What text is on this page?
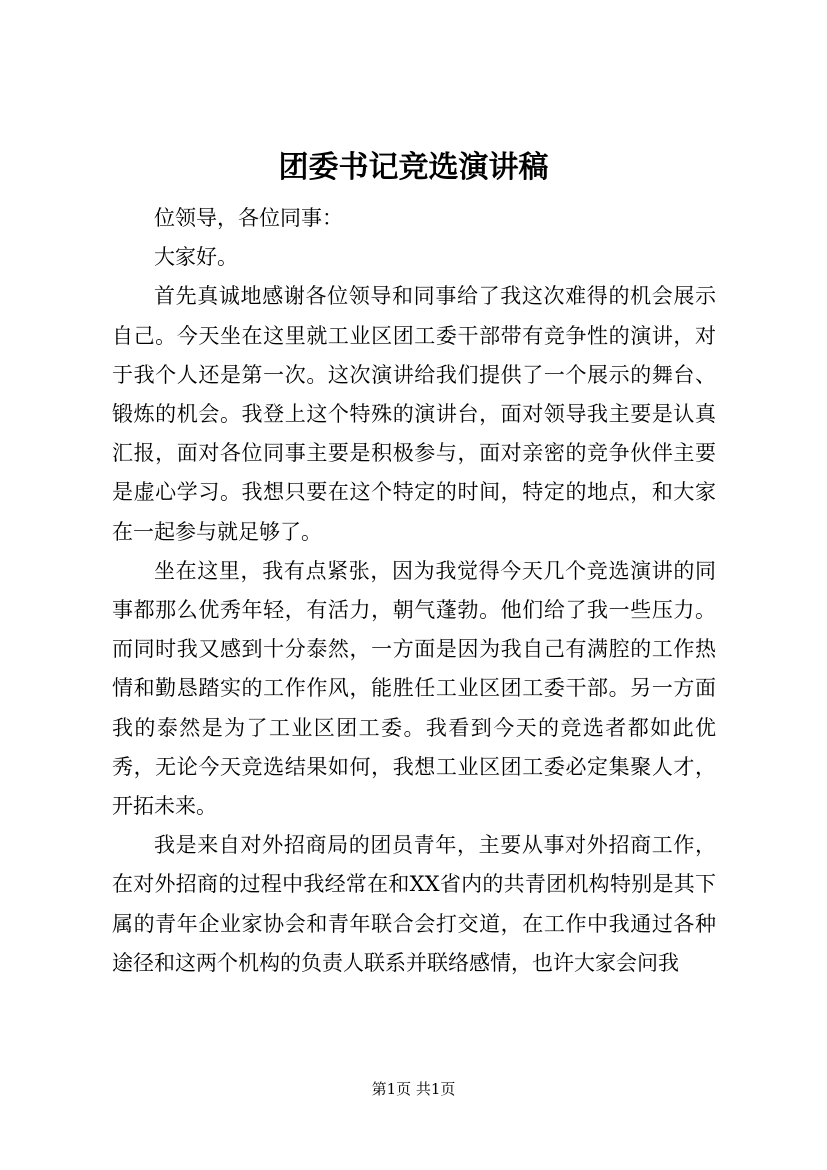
团委书记竞选演讲稿

位领导，各位同事：

大家好。

首先真诚地感谢各位领导和同事给了我这次难得的机会展示自己。今天坐在这里就工业区团工委干部带有竞争性的演讲，对于我个人还是第一次。这次演讲给我们提供了一个展示的舞台、锻炼的机会。我登上这个特殊的演讲台，面对领导我主要是认真汇报，面对各位同事主要是积极参与，面对亲密的竞争伙伴主要是虚心学习。我想只要在这个特定的时间，特定的地点，和大家在一起参与就足够了。

坐在这里，我有点紧张，因为我觉得今天几个竞选演讲的同事都那么优秀年轻，有活力，朝气蓬勃。他们给了我一些压力。而同时我又感到十分泰然，一方面是因为我自己有满腔的工作热情和勤恳踏实的工作作风，能胜任工业区团工委干部。另一方面我的泰然是为了工业区团工委。我看到今天的竞选者都如此优秀，无论今天竞选结果如何，我想工业区团工委必定集聚人才，开拓未来。

我是来自对外招商局的团员青年，主要从事对外招商工作，在对外招商的过程中我经常在和XX省内的共青团机构特别是其下属的青年企业家协会和青年联合会打交道，在工作中我通过各种途径和这两个机构的负责人联系并联络感情，也许大家会问我

第1页 共1页
